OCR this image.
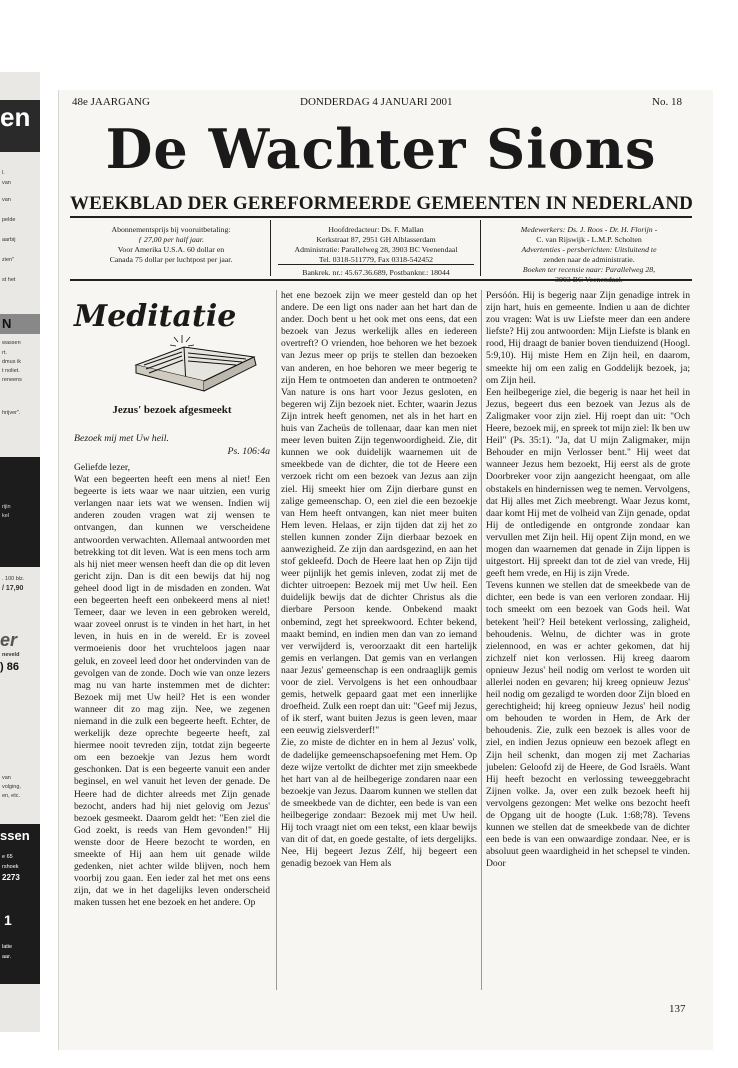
en
l.
van
van
pelde
aarbij
zien"
st het
N
wassen
rt.
dmus ik
t noliet.
reneens
hrijver".
rijin
kel
. 100 blz.
/ 17,90
er
neveld
) 86
van
volging,
en, etc.
ssen
e 65
rshoek
2273
1
latie
aar.
48e JAARGANG	DONDERDAG 4 JANUARI 2001	No. 18
De Wachter Sions
WEEKBLAD DER GEREFORMEERDE GEMEENTEN IN NEDERLAND
Abonnementsprijs bij vooruitbetaling:
ƒ 27,00 per half jaar.
Voor Amerika U.S.A. 60 dollar en
Canada 75 dollar per luchtpost per jaar.
Hoofdredacteur: Ds. F. Mallan
Kerkstraat 87, 2951 GH Alblasserdam
Administratie: Parallelweg 28, 3903 BC Veenendaal
Tel. 0318-511779, Fax 0318-542452
Bankrek. nr.: 45.67.36.689, Postbanknr.: 18044
Medewerkers: Ds. J. Roos - Dr. H. Florijn -
C. van Rijswijk - L.M.P. Scholten
Advertenties - persberichten: Uitsluitend te
zenden naar de administratie.
Boeken ter recensie naar: Parallelweg 28,
3903 BC Veenendaal.
Meditatie
Jezus' bezoek afgesmeekt
Bezoek mij met Uw heil.
Ps. 106:4a

Geliefde lezer,

Wat een begeerten heeft een mens al niet! Een begeerte is iets waar we naar uitzien, een vurig verlangen naar iets wat we wensen. Indien wij anderen zouden vragen wat zij wensen te ontvangen, dan kunnen we verscheidene antwoorden verwachten. Allemaal antwoorden met betrekking tot dit leven. Wat is een mens toch arm als hij niet meer wensen heeft dan die op dit leven gericht zijn. Dan is dit een bewijs dat hij nog geheel dood ligt in de misdaden en zonden. Wat een begeerten heeft een onbekeerd mens al niet! Temeer, daar we leven in een gebroken wereld, waar zoveel onrust is te vinden in het hart, in het leven, in huis en in de wereld. Er is zoveel vermoeienis door het vruchteloos jagen naar geluk, en zoveel leed door het ondervinden van de gevolgen van de zonde. Doch wie van onze lezers mag nu van harte instemmen met de dichter: Bezoek mij met Uw heil? Het is een wonder wanneer dit zo mag zijn. Nee, we zegenen niemand in die zulk een begeerte heeft. Echter, de werkelijk deze oprechte begeerte heeft, zal hiermee nooit tevreden zijn, totdat zijn begeerte om een bezoekje van Jezus hem wordt geschonken. Dat is een begeerte vanuit een ander beginsel, en wel vanuit het leven der genade. De Heere had de dichter alreeds met Zijn genade bezocht, anders had hij niet gelovig om Jezus' bezoek gesmeekt. Daarom geldt het: "Een ziel die God zoekt, is reeds van Hem gevonden!" Hij wenste door de Heere bezocht te worden, en smeekte of Hij aan hem uit genade wilde gedenken, niet achter wilde blijven, noch hem voorbij zou gaan. Een ieder zal het met ons eens zijn, dat we in het dagelijks leven onderscheid maken tussen het ene bezoek en het andere. Op

het ene bezoek zijn we meer gesteld dan op het andere. De een ligt ons nader aan het hart dan de ander. Doch bent u het ook met ons eens, dat een bezoek van Jezus werkelijk alles en iedereen overtreft? O vrienden, hoe behoren we het bezoek van Jezus meer op prijs te stellen dan bezoeken van anderen, en hoe behoren we meer begerig te zijn Hem te ontmoeten dan anderen te ontmoeten? Van nature is ons hart voor Jezus gesloten, en begeren wij Zijn bezoek niet. Echter, waarin Jezus Zijn intrek heeft genomen, net als in het hart en huis van Zacheüs de tollenaar, daar kan men niet meer leven buiten Zijn tegenwoordigheid. Zie, dit kunnen we ook duidelijk waarnemen uit de smeekbede van de dichter, die tot de Heere een verzoek richt om een bezoek van Jezus aan zijn ziel. Hij smeekt hier om Zijn dierbare gunst en zalige gemeenschap. O, een ziel die een bezoekje van Hem heeft ontvangen, kan niet meer buiten Hem leven. Helaas, er zijn tijden dat zij het zo stellen kunnen zonder Zijn dierbaar bezoek en aanwezigheid. Ze zijn dan aardsgezind, en aan het stof gekleefd. Doch de Heere laat hen op Zijn tijd weer pijnlijk het gemis inleven, zodat zij met de dichter uitroepen: Bezoek mij met Uw heil. Een duidelijk bewijs dat de dichter Christus als die dierbare Persoon kende. Onbekend maakt onbemind, zegt het spreekwoord. Echter bekend, maakt bemind, en indien men dan van zo iemand ver verwijderd is, veroorzaakt dit een hartelijk gemis en verlangen. Dat gemis van en verlangen naar Jezus' gemeenschap is een ondraaglijk gemis voor de ziel. Vervolgens is het een onhoudbaar gemis, hetwelk gepaard gaat met een innerlijke droefheid. Zulk een roept dan uit: "Geef mij Jezus, of ik sterf, want buiten Jezus is geen leven, maar een eeuwig zielsverderf!"

Zie, zo miste de dichter en in hem al Jezus' volk, de dadelijke gemeenschapsoefening met Hem. Op deze wijze vertolkt de dichter met zijn smeekbede het hart van al de heilbegerige zondaren naar een bezoekje van Jezus. Daarom kunnen we stellen dat de smeekbede van de dichter, een bede is van een heilbegerige zondaar: Bezoek mij met Uw heil. Hij toch vraagt niet om een tekst, een klaar bewijs van dit of dat, en goede gestalte, of iets dergelijks. Nee, Hij begeert Jezus Zélf, hij begeert een genadig bezoek van Hem als

Persóón. Hij is begerig naar Zijn genadige intrek in zijn hart, huis en gemeente. Indien u aan de dichter zou vragen: Wat is uw Liefste meer dan een andere liefste? Hij zou antwoorden: Mijn Liefste is blank en rood, Hij draagt de banier boven tienduizend (Hoogl. 5:9,10). Hij miste Hem en Zijn heil, en daarom, smeekte hij om een zalig en Goddelijk bezoek, ja; om Zijn heil.

Een heilbegerige ziel, die begerig is naar het heil in Jezus, begeert dus een bezoek van Jezus als de Zaligmaker voor zijn ziel. Hij roept dan uit: "Och Heere, bezoek mij, en spreek tot mijn ziel: Ik ben uw Heil" (Ps. 35:1). "Ja, dat U mijn Zaligmaker, mijn Behouder en mijn Verlosser bent." Hij weet dat wanneer Jezus hem bezoekt, Hij eerst als de grote Doorbreker voor zijn aangezicht heengaat, om alle obstakels en hindernissen weg te nemen. Vervolgens, dat Hij alles met Zich meebrengt. Waar Jezus komt, daar komt Hij met de volheid van Zijn genade, opdat Hij de ontledigende en ontgronde zondaar kan vervullen met Zijn heil. Hij opent Zijn mond, en we mogen dan waarnemen dat genade in Zijn lippen is uitgestort. Hij spreekt dan tot de ziel van vrede, Hij geeft hem vrede, en Hij is zijn Vrede.

Tevens kunnen we stellen dat de smeekbede van de dichter, een bede is van een verloren zondaar. Hij toch smeekt om een bezoek van Gods heil. Wat betekent 'heil'? Heil betekent verlossing, zaligheid, behoudenis. Welnu, de dichter was in grote zielennood, en was er achter gekomen, dat hij zichzelf niet kon verlossen. Hij kreeg daarom opnieuw Jezus' heil nodig om verlost te worden uit allerlei noden en gevaren; hij kreeg opnieuw Jezus' heil nodig om gezaligd te worden door Zijn bloed en gerechtigheid; hij kreeg opnieuw Jezus' heil nodig om behouden te worden in Hem, de Ark der behoudenis. Zie, zulk een bezoek is alles voor de ziel, en indien Jezus opnieuw een bezoek aflegt en Zijn heil schenkt, dan mogen zij met Zacharias jubelen: Geloofd zij de Heere, de God Israëls. Want Hij heeft bezocht en verlossing teweeggebracht Zijnen volke. Ja, over een zulk bezoek heeft hij vervolgens gezongen: Met welke ons bezocht heeft de Opgang uit de hoogte (Luk. 1:68;78). Tevens kunnen we stellen dat de smeekbede van de dichter een bede is van een onwaardige zondaar. Nee, er is absoluut geen waardigheid in het schepsel te vinden. Door

137
